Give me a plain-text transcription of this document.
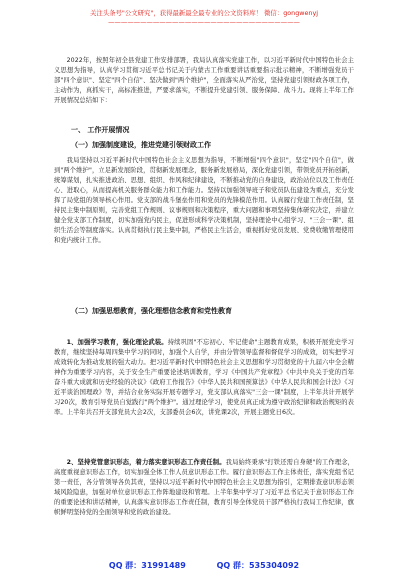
关注头条号"公文研究"，获得最新最全最专业的公文资料库！ 微信：gongwenyj
——————————————————————————————

2022年，按照年初全县党建工作安排部署，我局认真落实党建工作，以习近平新时代中国特色社会主义思想为指导，认真学习贯彻习近平总书记关于内蒙古工作重要讲话重要指示批示精神，不断增强党员干部"四个意识"、坚定"四个自信"、坚决做到"两个维护"，全面落实从严治党，坚持党建引领财政各项工作，主动作为，真抓实干，高标准推进，严要求落实，不断提升党建引领、服务保障、战斗力。现将上半年工作开展情况总结如下：

一、 工作开展情况
（一）加强制度建设，推进党建引领财政工作

我局坚持以习近平新时代中国特色社会主义思想为指导，不断增强"四个意识"，坚定"四个自信"，做到"两个维护"，立足新发展阶段，贯彻新发展理念，服务新发展格局，深化党建引领，带领党员开拓创新，统筹谋划，扎实推进政治、思想、组织、作风和纪律建设，不断推动党的自身建设，政治站位以及工作责任心、进取心，从而提高机关服务群众能力和工作能力。坚持以加强领导班子和党员队伍建设为重点，充分发挥了局党组的领导核心作用。党支部的战斗堡垒作用和党员的先锋模范作用。认真履行党建工作责任制，坚持民主集中制原则，完善党组工作规则、议事规则和决策程序，重大问题和事项坚持集体研究决定，并建立健全党支部工作制度，切实加强党内民主，促进形成科学决策机制，坚持理论中心组学习、"三会一课"、组织生活会等制度落实。认真贯彻执行民主集中制，严格民主生活会，重视抓好党员发展、党费收缴管理使用和党内统计工作。

（二）加强思想教育，强化理想信念教育和党性教育

1、加强学习教育，强化理论武装。持续巩固"不忘初心、牢记使命"主题教育成果，积极开展党史学习教育，继续坚持每周四集中学习的同时，加强个人自学，并由分管领导监督和督促学习的成效，切实把学习成效转化为推动发展的强大动力。把习近平新时代中国特色社会主义思想和学习贯彻党的十九届六中全会精神作为重要学习内容，关于安全生产重要论述培训教育，学习《中国共产党章程》《中共中央关于党的百年奋斗重大成就和历史经验的决议》《政府工作报告》《中华人民共和国预算法》《中华人民共和国会计法》《习近平谈治国理政》等，并结合业务实际开展专题学习，党支部认真落实"三会一课"制度，上半年共计开展学习20次，教育引导党员自觉践行"两个维护"。通过理论学习，使党员真正成为遵守政治纪律和政治规矩的表率。上半年共召开支部党员大会2次，支部委员会6次，讲党课2次，开展主题党日6次。

2、坚持党管意识形态，着力落实意识形态工作责任制。我局始终秉承"打铁还需自身硬"的工作理念，高度重视意识形态工作，切实加强全体工作人员意识形态工作。履行意识形态工作主体责任，落实党组书记第一责任，各分管领导各负其责，坚持以习近平新时代中国特色社会主义思想为指引，定期排查意识形态领域风险隐患，加强对单位意识形态工作阵地建设和管理。上半年集中学习了习近平总书记关于意识形态工作的重要论述和讲话精神，认真落实意识形态工作责任制，教育引导全体党员干部严格执行我局工作纪律，旗帜鲜明坚持党的全面领导和党的政治建设。

QQ 群：31991489	QQ 群：535304092
